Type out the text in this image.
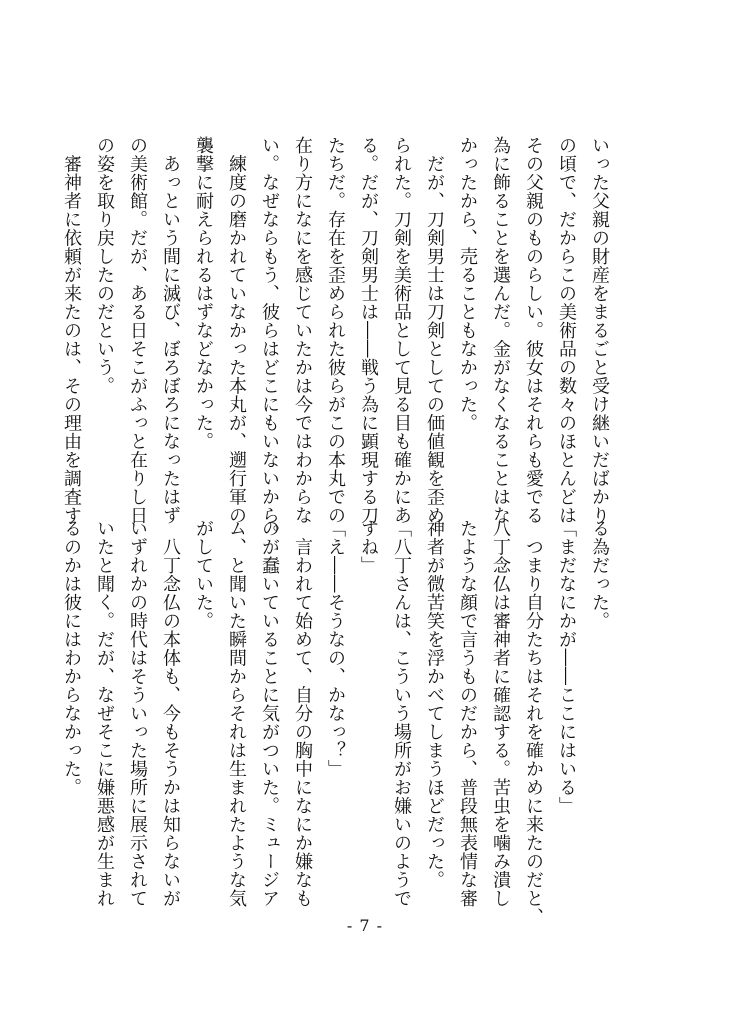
いった父親の財産をまるごと受け継いだばかり
の頃で、だからこの美術品の数々のほとんどは
その父親のものらしい。彼女はそれらも愛でる
為に飾ることを選んだ。金がなくなることはな
かったから、売ることもなかった。
　だが、刀剣男士は刀剣としての価値観を歪め
られた。刀剣を美術品として見る目も確かにあ
る。だが、刀剣男士は――戦う為に顕現する刀
たちだ。存在を歪められた彼らがこの本丸での
在り方になにを感じていたかは今ではわからな
い。なぜならもう、彼らはどこにもいないから。
　練度の磨かれていなかった本丸が、遡行軍の
襲撃に耐えられるはずなどなかった。
　あっという間に滅び、ぼろぼろになったはず
の美術館。だが、ある日そこがふっと在りし日
の姿を取り戻したのだという。
　審神者に依頼が来たのは、その理由を調査す
る為だった。
「まだなにかが――ここにはいる」
　つまり自分たちはそれを確かめに来たのだと、
八丁念仏は審神者に確認する。苦虫を噛み潰し
たような顔で言うものだから、普段無表情な審
神者が微苦笑を浮かべてしまうほどだった。
「八丁さんは、こういう場所がお嫌いのようで
すね」
「え――そうなの、かなっ？」
　言われて始めて、自分の胸中になにか嫌なも
のが蠢いていることに気がついた。ミュージア
ム、と聞いた瞬間からそれは生まれたような気
がしていた。
　八丁念仏の本体も、今もそうかは知らないが
いずれかの時代はそういった場所に展示されて
いたと聞く。だが、なぜそこに嫌悪感が生まれ
るのかは彼にはわからなかった。
- 7 -
